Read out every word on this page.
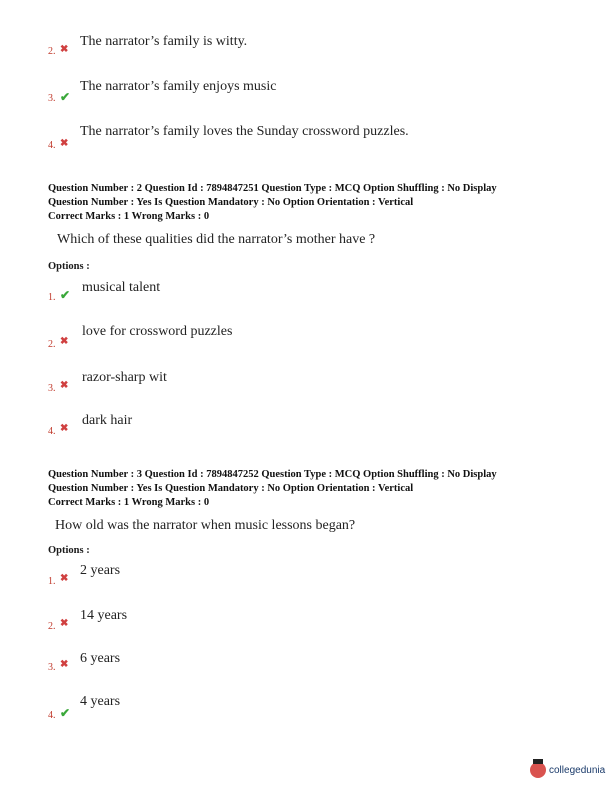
2. ✖
The narrator’s family is witty.
3. ✔
The narrator’s family enjoys music
4. ✖
The narrator’s family loves the Sunday crossword puzzles.
Question Number : 2 Question Id : 7894847251 Question Type : MCQ Option Shuffling : No Display
Question Number : Yes Is Question Mandatory : No Option Orientation : Vertical
Correct Marks : 1 Wrong Marks : 0
Which of these qualities did the narrator’s mother have ?
Options :
1. ✔ musical talent
2. ✖
love for crossword puzzles
3. ✖
razor-sharp wit
4. ✖
dark hair
Question Number : 3 Question Id : 7894847252 Question Type : MCQ Option Shuffling : No Display
Question Number : Yes Is Question Mandatory : No Option Orientation : Vertical
Correct Marks : 1 Wrong Marks : 0
How old was the narrator when music lessons began?
Options :
1. ✖
2 years
2. ✖
14 years
3. ✖ 6 years
4. ✔
4 years
collegedunia
